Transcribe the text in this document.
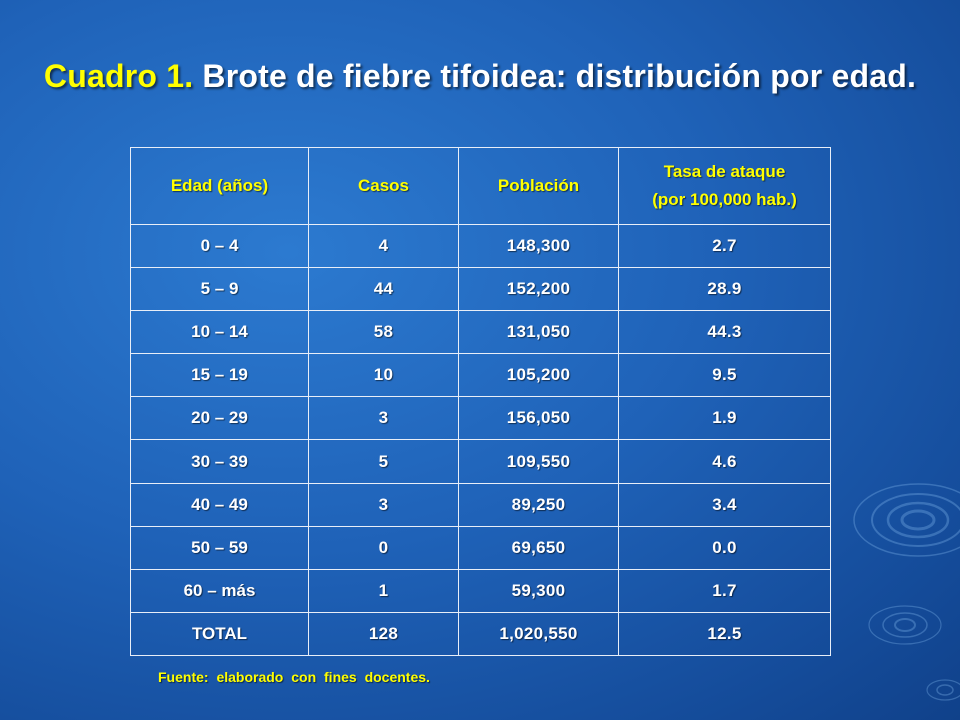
Cuadro 1. Brote de fiebre tifoidea: distribución por edad.
Edad (años)	Casos	Población	Tasa de ataque
(por 100,000 hab.)

0 – 4	4	148,300	2.7
5 – 9	44	152,200	28.9
10 – 14	58	131,050	44.3
15 – 19	10	105,200	9.5
20 – 29	3	156,050	1.9
30 – 39	5	109,550	4.6
40 – 49	3	89,250	3.4
50 – 59	0	69,650	0.0
60 – más	1	59,300	1.7
TOTAL	128	1,020,550	12.5
Fuente: elaborado con fines docentes.
